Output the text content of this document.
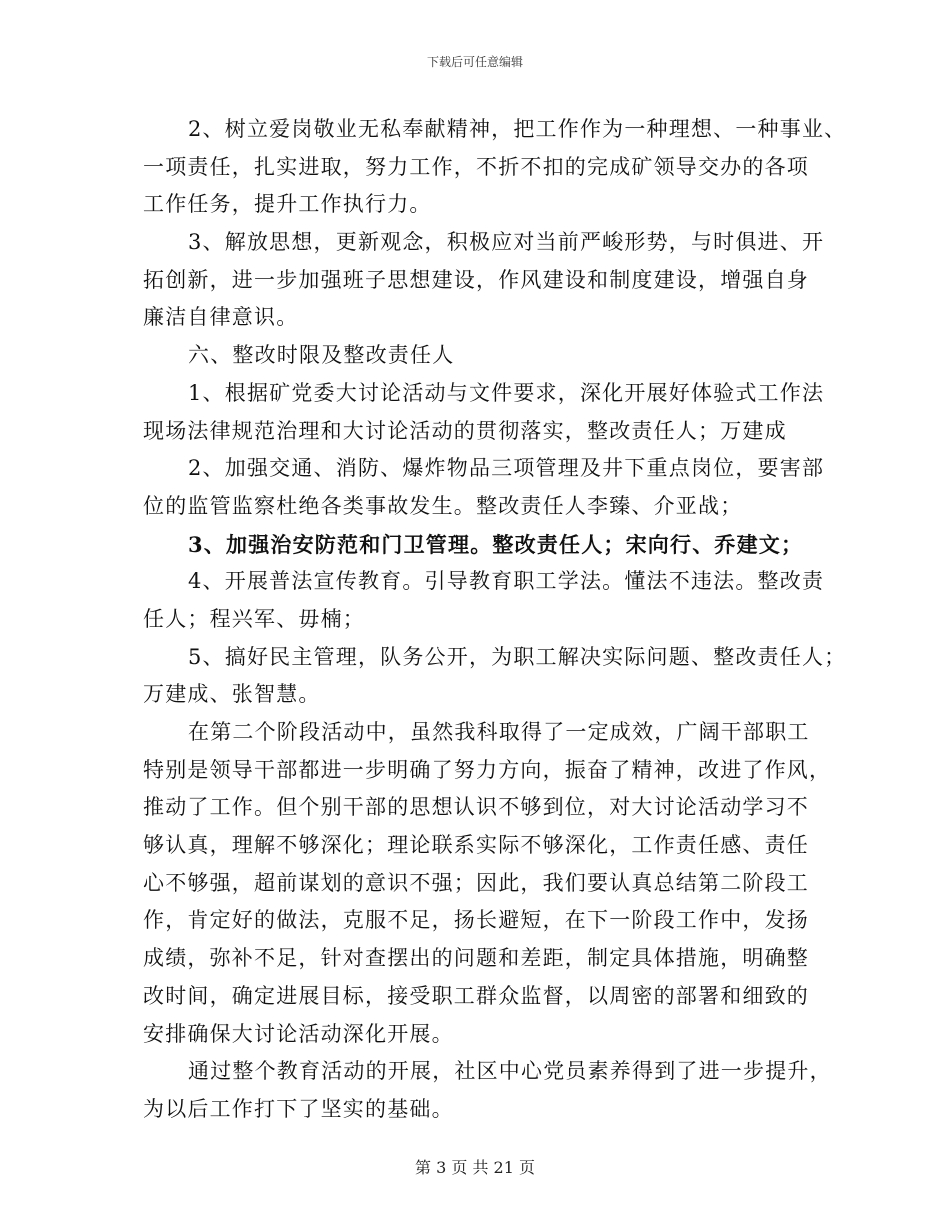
下载后可任意编辑
2、树立爱岗敬业无私奉献精神，把工作作为一种理想、一种事业、
一项责任，扎实进取，努力工作，不折不扣的完成矿领导交办的各项
工作任务，提升工作执行力。
3、解放思想，更新观念，积极应对当前严峻形势，与时俱进、开
拓创新，进一步加强班子思想建设，作风建设和制度建设，增强自身
廉洁自律意识。
六、整改时限及整改责任人
1、根据矿党委大讨论活动与文件要求，深化开展好体验式工作法
现场法律规范治理和大讨论活动的贯彻落实，整改责任人；万建成
2、加强交通、消防、爆炸物品三项管理及井下重点岗位，要害部
位的监管监察杜绝各类事故发生。整改责任人李臻、介亚战；
3、加强治安防范和门卫管理。整改责任人；宋向行、乔建文；
4、开展普法宣传教育。引导教育职工学法。懂法不违法。整改责
任人；程兴军、毋楠；
5、搞好民主管理，队务公开，为职工解决实际问题、整改责任人；
万建成、张智慧。
在第二个阶段活动中，虽然我科取得了一定成效，广阔干部职工
特别是领导干部都进一步明确了努力方向，振奋了精神，改进了作风，
推动了工作。但个别干部的思想认识不够到位，对大讨论活动学习不
够认真，理解不够深化；理论联系实际不够深化，工作责任感、责任
心不够强，超前谋划的意识不强；因此，我们要认真总结第二阶段工
作，肯定好的做法，克服不足，扬长避短，在下一阶段工作中，发扬
成绩，弥补不足，针对查摆出的问题和差距，制定具体措施，明确整
改时间，确定进展目标，接受职工群众监督，以周密的部署和细致的
安排确保大讨论活动深化开展。
通过整个教育活动的开展，社区中心党员素养得到了进一步提升，
为以后工作打下了坚实的基础。
第 3 页 共 21 页
